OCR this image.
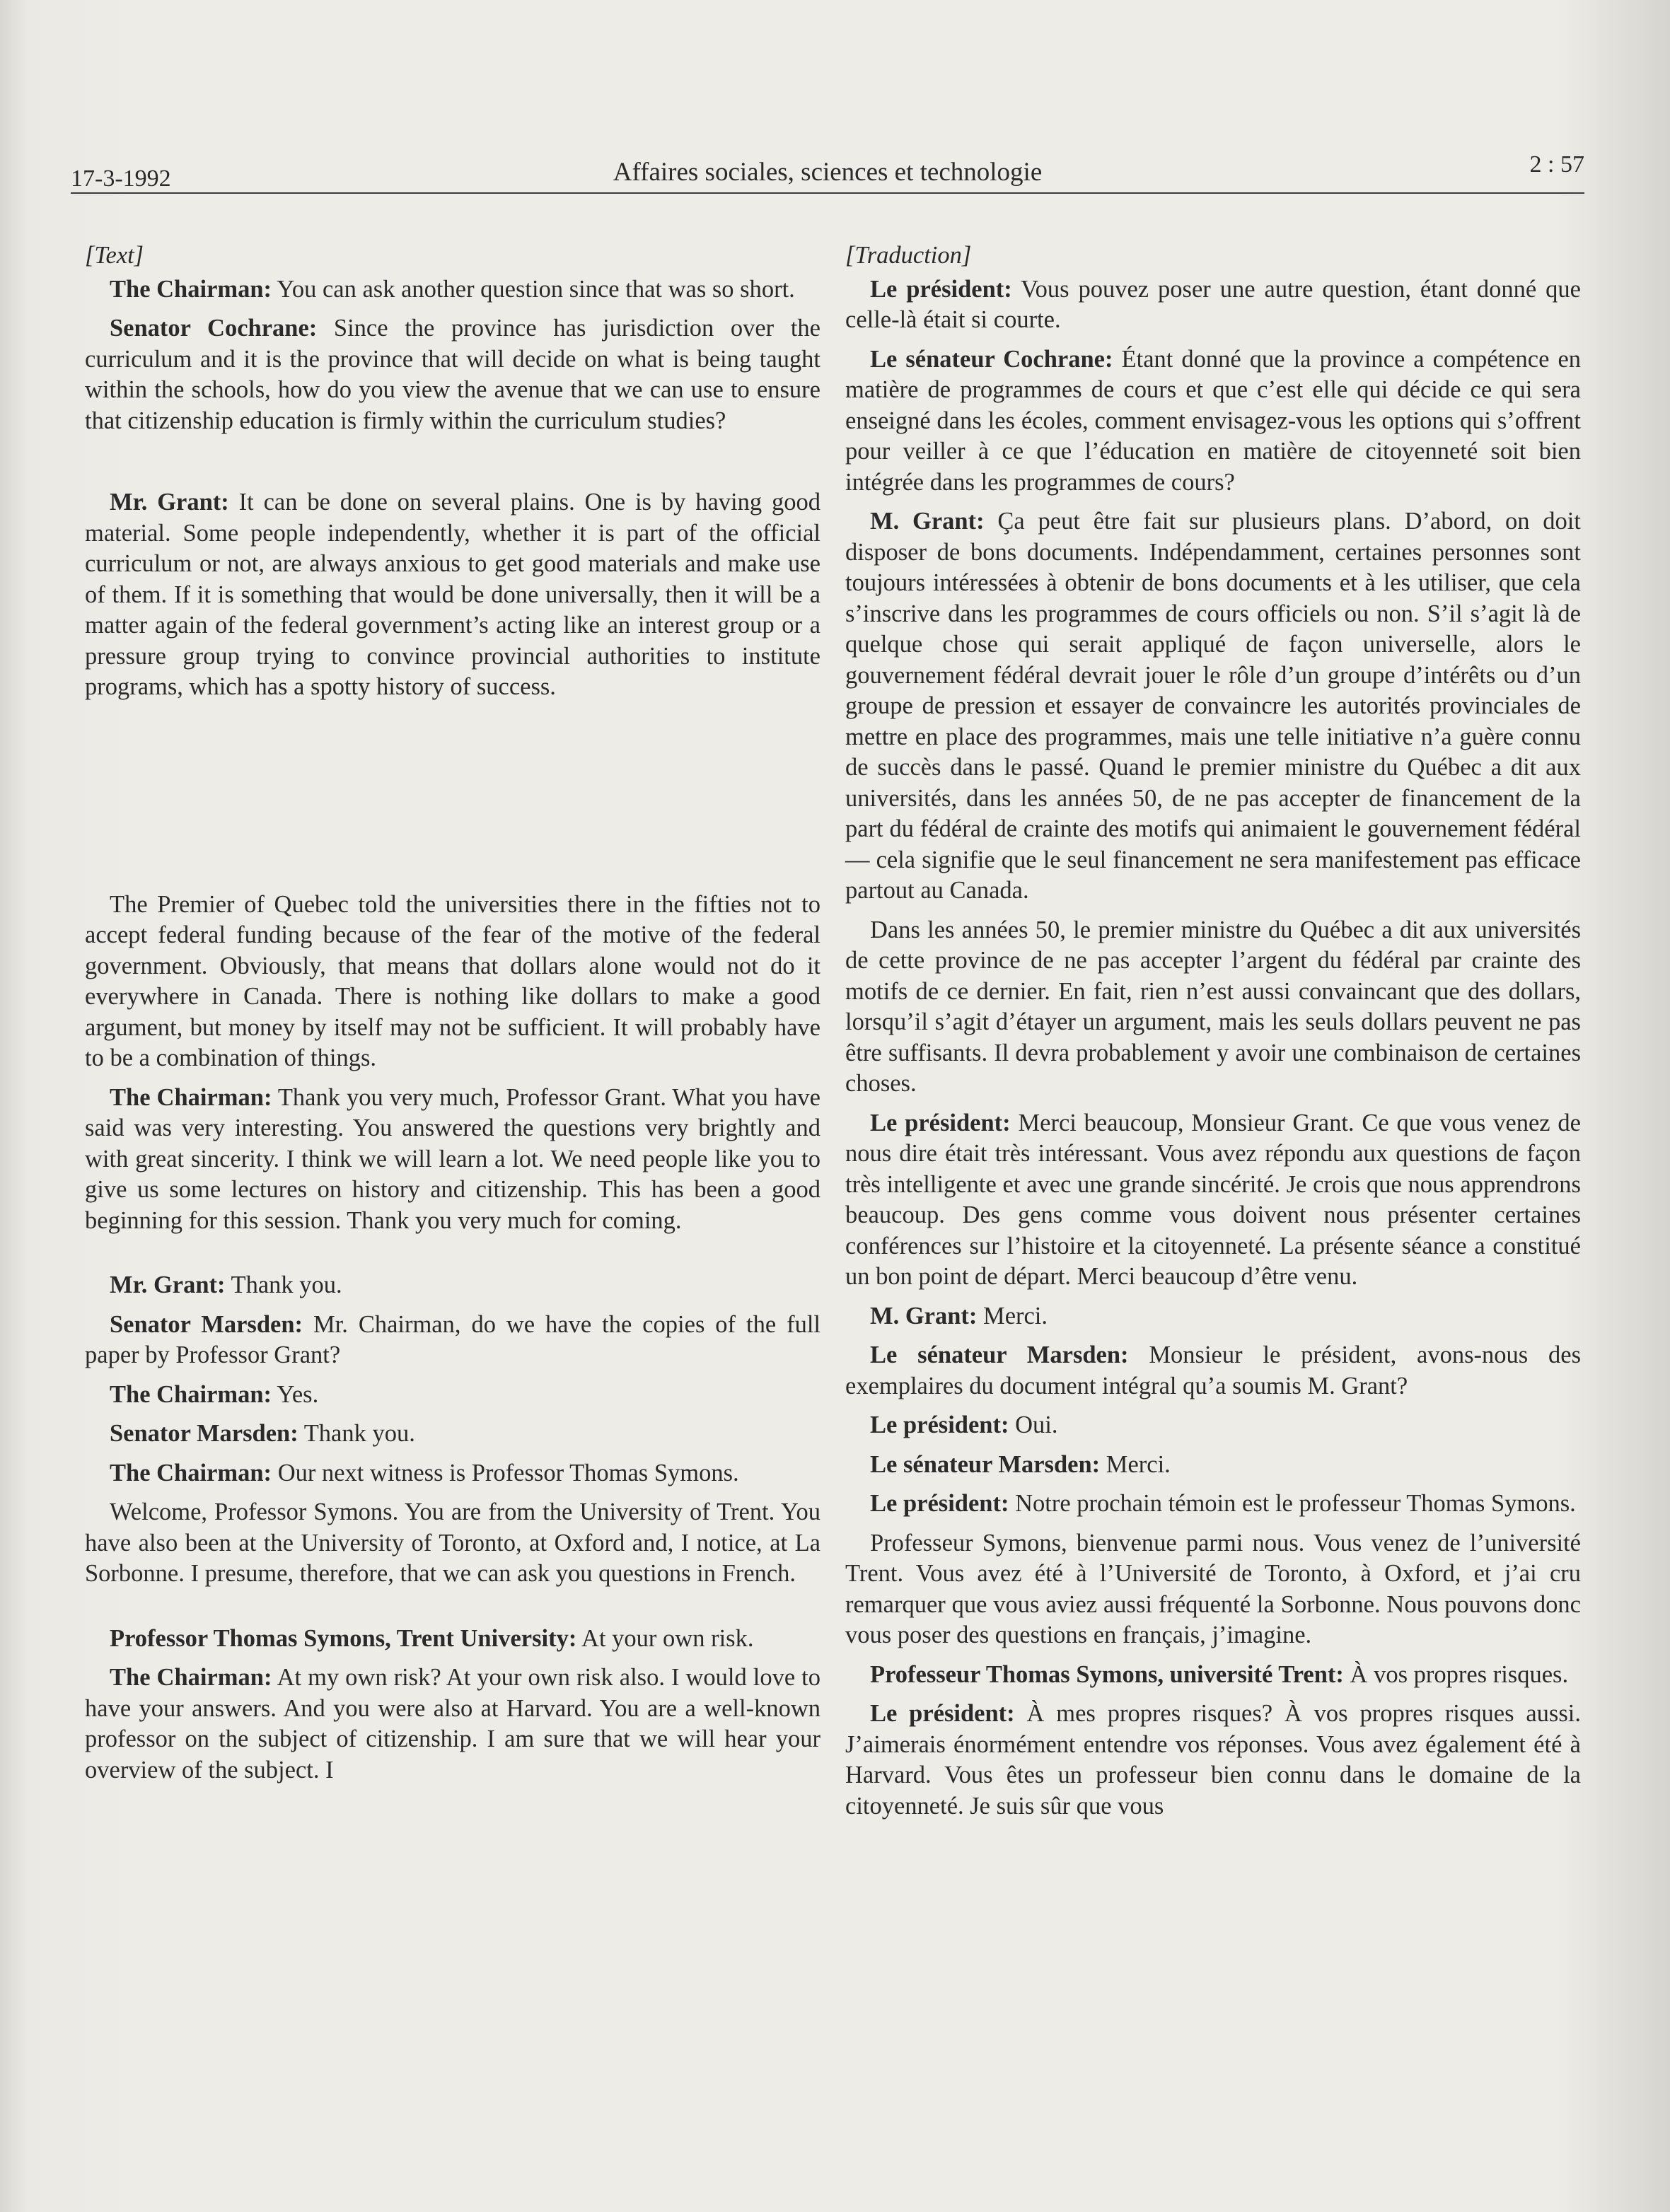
17-3-1992	Affaires sociales, sciences et technologie	2 : 57

[Text]

The Chairman: You can ask another question since that was so short.

Senator Cochrane: Since the province has jurisdiction over the curriculum and it is the province that will decide on what is being taught within the schools, how do you view the avenue that we can use to ensure that citizenship education is firmly within the curriculum studies?

Mr. Grant: It can be done on several plains. One is by having good material. Some people independently, whether it is part of the official curriculum or not, are always anxious to get good materials and make use of them. If it is something that would be done universally, then it will be a matter again of the federal government’s acting like an interest group or a pressure group trying to convince provincial authorities to institute programs, which has a spotty history of success.

The Premier of Quebec told the universities there in the fifties not to accept federal funding because of the fear of the motive of the federal government. Obviously, that means that dollars alone would not do it everywhere in Canada. There is nothing like dollars to make a good argument, but money by itself may not be sufficient. It will probably have to be a combination of things.

The Chairman: Thank you very much, Professor Grant. What you have said was very interesting. You answered the questions very brightly and with great sincerity. I think we will learn a lot. We need people like you to give us some lectures on history and citizenship. This has been a good beginning for this session. Thank you very much for coming.

Mr. Grant: Thank you.

Senator Marsden: Mr. Chairman, do we have the copies of the full paper by Professor Grant?

The Chairman: Yes.

Senator Marsden: Thank you.

The Chairman: Our next witness is Professor Thomas Symons.

Welcome, Professor Symons. You are from the University of Trent. You have also been at the University of Toronto, at Oxford and, I notice, at La Sorbonne. I presume, therefore, that we can ask you questions in French.

Professor Thomas Symons, Trent University: At your own risk.

The Chairman: At my own risk? At your own risk also. I would love to have your answers. And you were also at Harvard. You are a well-known professor on the subject of citizenship. I am sure that we will hear your overview of the subject. I

[Traduction]

Le président: Vous pouvez poser une autre question, étant donné que celle-là était si courte.

Le sénateur Cochrane: Étant donné que la province a compétence en matière de programmes de cours et que c’est elle qui décide ce qui sera enseigné dans les écoles, comment envisagez-vous les options qui s’offrent pour veiller à ce que l’éducation en matière de citoyenneté soit bien intégrée dans les programmes de cours?

M. Grant: Ça peut être fait sur plusieurs plans. D’abord, on doit disposer de bons documents. Indépendamment, certaines personnes sont toujours intéressées à obtenir de bons documents et à les utiliser, que cela s’inscrive dans les programmes de cours officiels ou non. S’il s’agit là de quelque chose qui serait appliqué de façon universelle, alors le gouvernement fédéral devrait jouer le rôle d’un groupe d’intérêts ou d’un groupe de pression et essayer de convaincre les autorités provinciales de mettre en place des programmes, mais une telle initiative n’a guère connu de succès dans le passé. Quand le premier ministre du Québec a dit aux universités, dans les années 50, de ne pas accepter de financement de la part du fédéral de crainte des motifs qui animaient le gouvernement fédéral — cela signifie que le seul financement ne sera manifestement pas efficace partout au Canada.

Dans les années 50, le premier ministre du Québec a dit aux universités de cette province de ne pas accepter l’argent du fédéral par crainte des motifs de ce dernier. En fait, rien n’est aussi convaincant que des dollars, lorsqu’il s’agit d’étayer un argument, mais les seuls dollars peuvent ne pas être suffisants. Il devra probablement y avoir une combinaison de certaines choses.

Le président: Merci beaucoup, Monsieur Grant. Ce que vous venez de nous dire était très intéressant. Vous avez répondu aux questions de façon très intelligente et avec une grande sincérité. Je crois que nous apprendrons beaucoup. Des gens comme vous doivent nous présenter certaines conférences sur l’histoire et la citoyenneté. La présente séance a constitué un bon point de départ. Merci beaucoup d’être venu.

M. Grant: Merci.

Le sénateur Marsden: Monsieur le président, avons-nous des exemplaires du document intégral qu’a soumis M. Grant?

Le président: Oui.

Le sénateur Marsden: Merci.

Le président: Notre prochain témoin est le professeur Thomas Symons.

Professeur Symons, bienvenue parmi nous. Vous venez de l’université Trent. Vous avez été à l’Université de Toronto, à Oxford, et j’ai cru remarquer que vous aviez aussi fréquenté la Sorbonne. Nous pouvons donc vous poser des questions en français, j’imagine.

Professeur Thomas Symons, université Trent: À vos propres risques.

Le président: À mes propres risques? À vos propres risques aussi. J’aimerais énormément entendre vos réponses. Vous avez également été à Harvard. Vous êtes un professeur bien connu dans le domaine de la citoyenneté. Je suis sûr que vous
